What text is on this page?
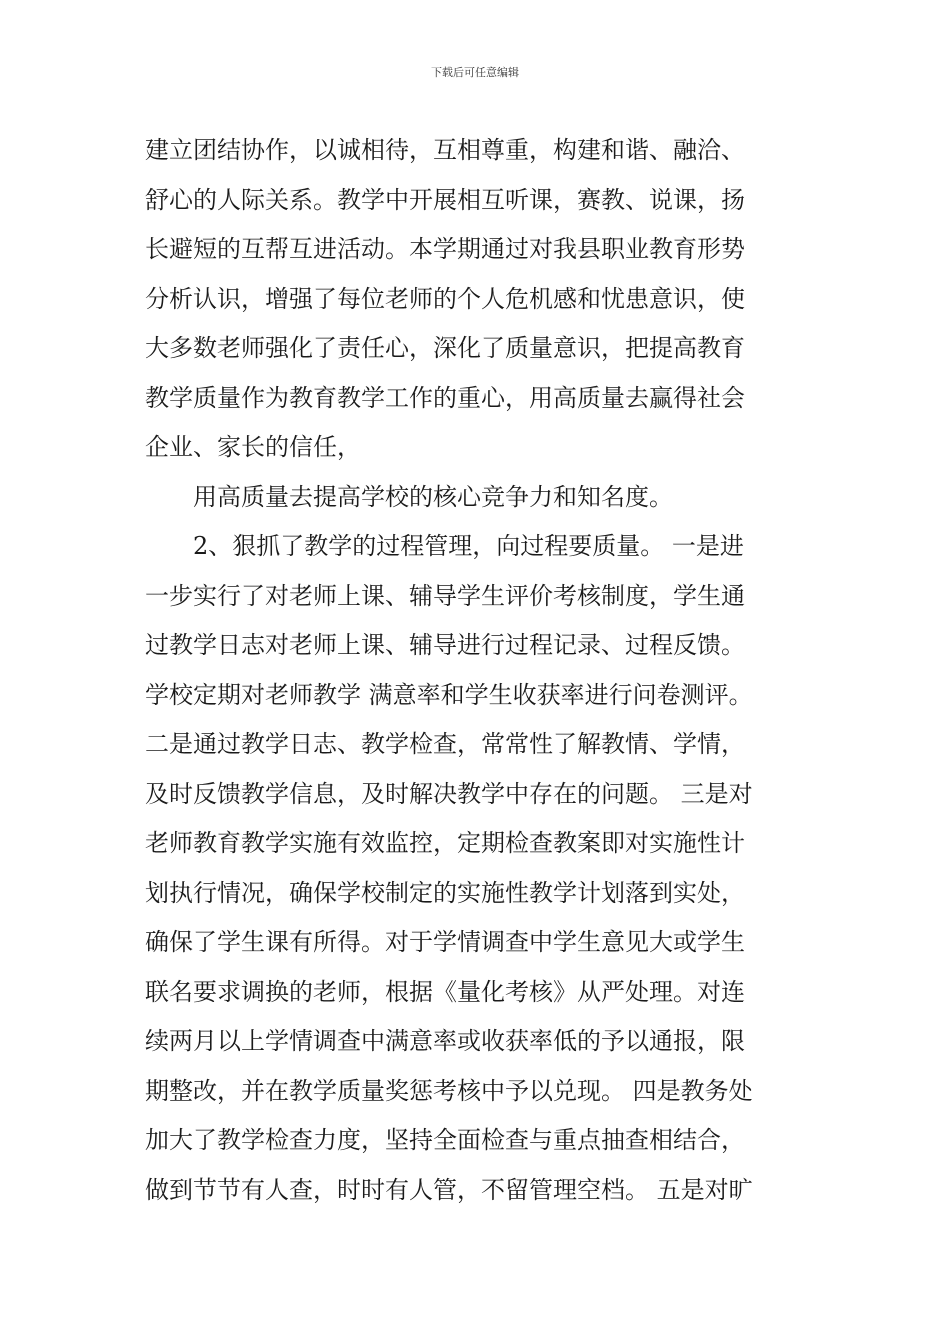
下载后可任意编辑
建立团结协作，以诚相待，互相尊重，构建和谐、融洽、
舒心的人际关系。教学中开展相互听课，赛教、说课，扬
长避短的互帮互进活动。本学期通过对我县职业教育形势
分析认识，增强了每位老师的个人危机感和忧患意识，使
大多数老师强化了责任心，深化了质量意识，把提高教育
教学质量作为教育教学工作的重心，用高质量去赢得社会
企业、家长的信任，
　　用高质量去提高学校的核心竞争力和知名度。
　　2、狠抓了教学的过程管理，向过程要质量。 一是进
一步实行了对老师上课、辅导学生评价考核制度，学生通
过教学日志对老师上课、辅导进行过程记录、过程反馈。
学校定期对老师教学 满意率和学生收获率进行问卷测评。
二是通过教学日志、教学检查，常常性了解教情、学情，
及时反馈教学信息，及时解决教学中存在的问题。 三是对
老师教育教学实施有效监控，定期检查教案即对实施性计
划执行情况，确保学校制定的实施性教学计划落到实处，
确保了学生课有所得。对于学情调查中学生意见大或学生
联名要求调换的老师，根据《量化考核》从严处理。对连
续两月以上学情调查中满意率或收获率低的予以通报，限
期整改，并在教学质量奖惩考核中予以兑现。 四是教务处
加大了教学检查力度，坚持全面检查与重点抽查相结合，
做到节节有人查，时时有人管，不留管理空档。 五是对旷
